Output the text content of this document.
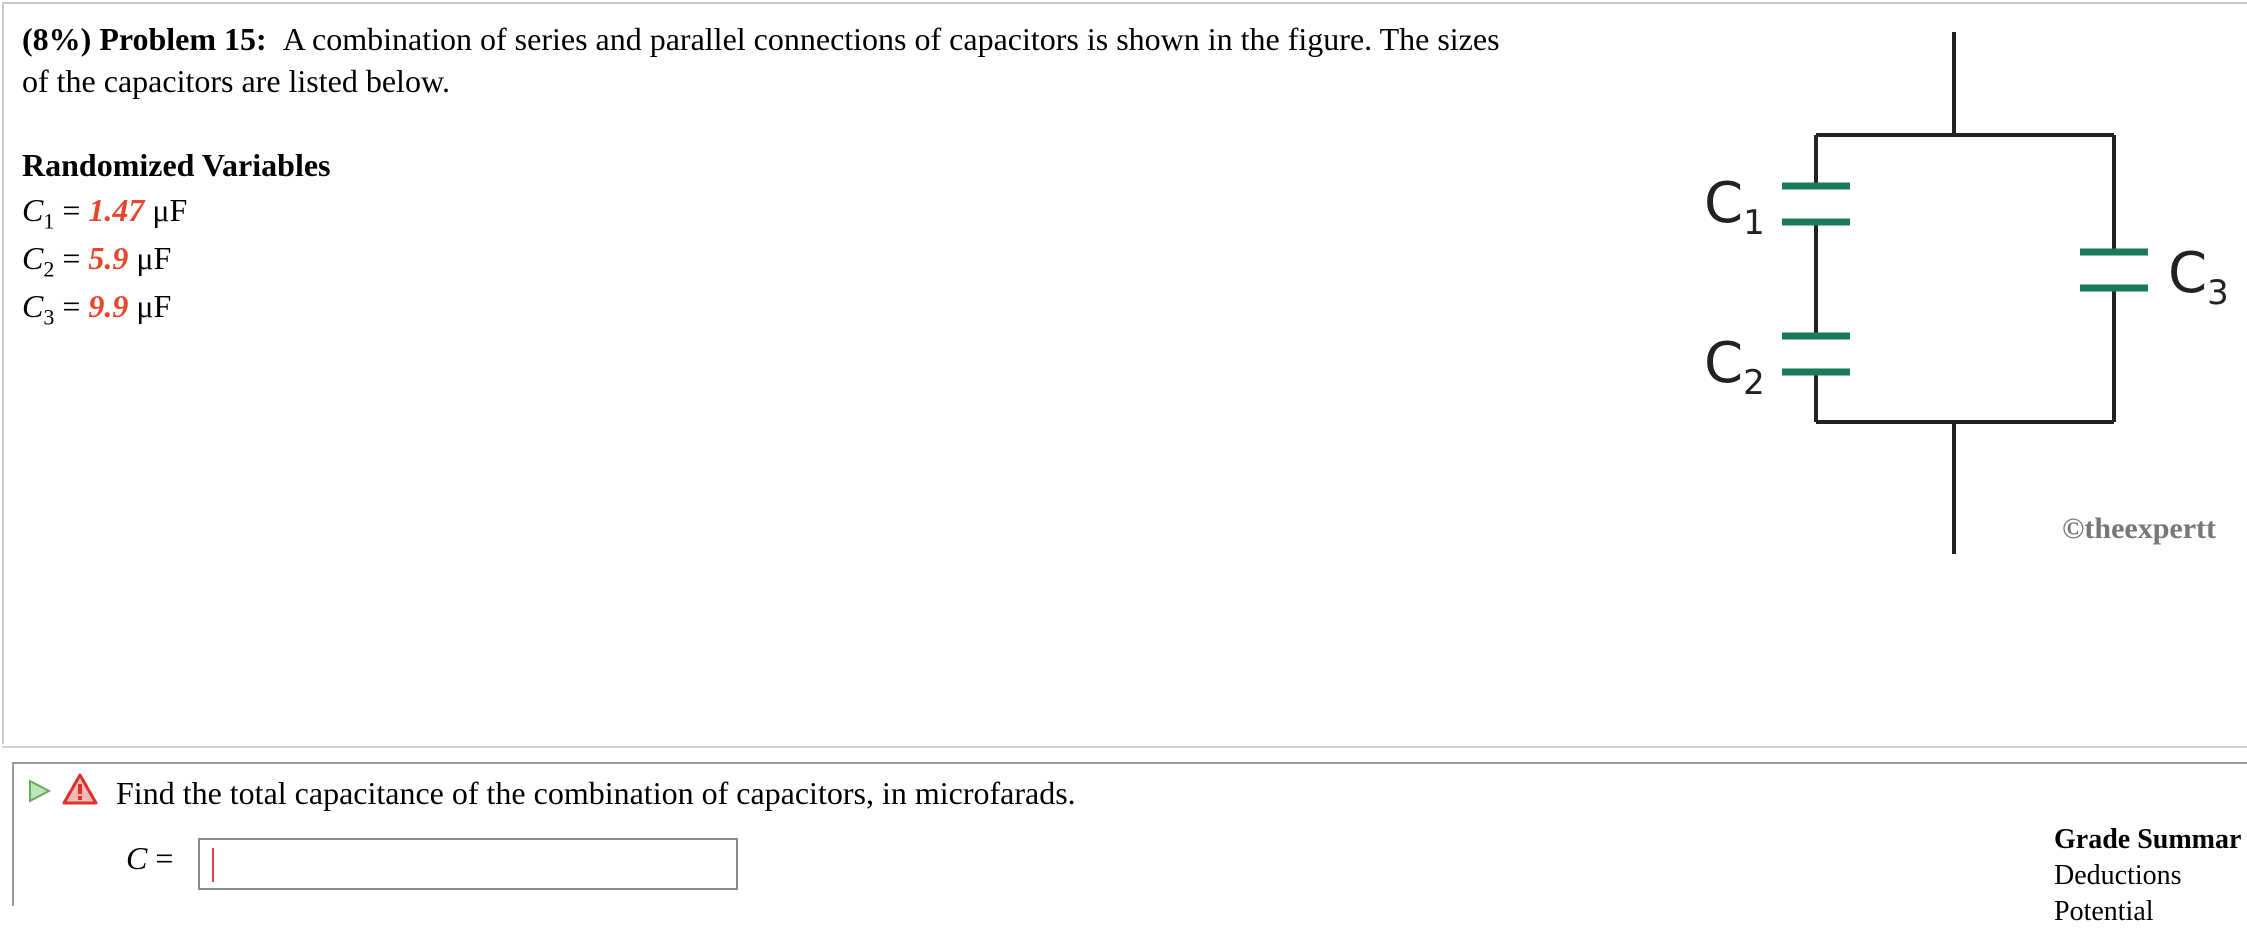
(8%) Problem 15: A combination of series and parallel connections of capacitors is shown in the figure. The sizes of the capacitors are listed below.
Randomized Variables
$C_1 = 1.47$ μF
$C_2 = 5.9$ μF
$C_3 = 9.9$ μF
$C_1$
$C_2$
$C_3$
©theexpertt
Find the total capacitance of the combination of capacitors, in microfarads.
C =
Grade Summar
Deductions
Potential
